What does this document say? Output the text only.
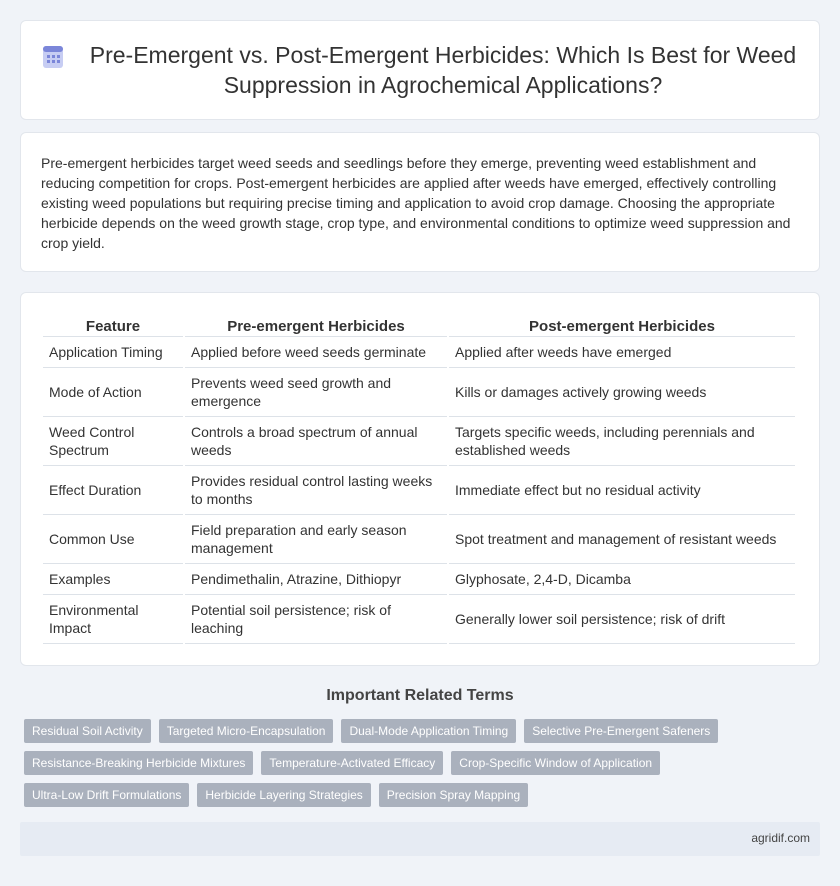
Pre-Emergent vs. Post-Emergent Herbicides: Which Is Best for Weed Suppression in Agrochemical Applications?

Pre-emergent herbicides target weed seeds and seedlings before they emerge, preventing weed establishment and reducing competition for crops. Post-emergent herbicides are applied after weeds have emerged, effectively controlling existing weed populations but requiring precise timing and application to avoid crop damage. Choosing the appropriate herbicide depends on the weed growth stage, crop type, and environmental conditions to optimize weed suppression and crop yield.

Feature	Pre-emergent Herbicides	Post-emergent Herbicides
Application Timing	Applied before weed seeds germinate	Applied after weeds have emerged
Mode of Action	Prevents weed seed growth and emergence	Kills or damages actively growing weeds
Weed Control Spectrum	Controls a broad spectrum of annual weeds	Targets specific weeds, including perennials and established weeds
Effect Duration	Provides residual control lasting weeks to months	Immediate effect but no residual activity
Common Use	Field preparation and early season management	Spot treatment and management of resistant weeds
Examples	Pendimethalin, Atrazine, Dithiopyr	Glyphosate, 2,4-D, Dicamba
Environmental Impact	Potential soil persistence; risk of leaching	Generally lower soil persistence; risk of drift
Important Related Terms
Residual Soil Activity	Targeted Micro-Encapsulation	Dual-Mode Application Timing	Selective Pre-Emergent Safeners
Resistance-Breaking Herbicide Mixtures	Temperature-Activated Efficacy	Crop-Specific Window of Application
Ultra-Low Drift Formulations	Herbicide Layering Strategies	Precision Spray Mapping
agridif.com
